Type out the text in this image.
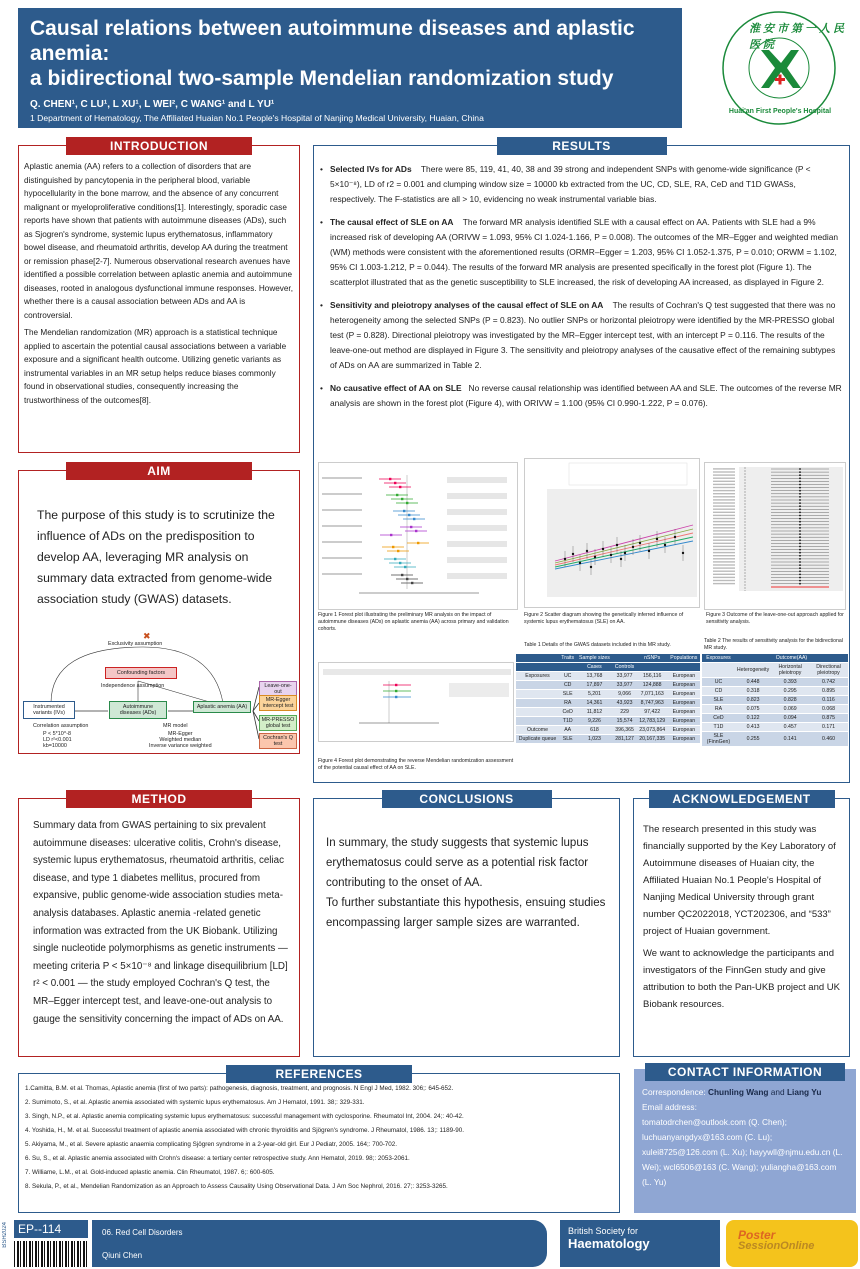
Causal relations between autoimmune diseases and aplastic anemia:
a bidirectional two-sample Mendelian randomization study
Q. CHEN¹, C LU¹, L XU¹, L WEI², C WANG¹ and L YU¹
1 Department of Hematology, The Affiliated Huaian No.1 People's Hospital of Nanjing Medical University, Huaian, China
2 Department of Pathology, The Affiliated Huaian No.1 People's Hospital of Nanjing Medical University, Huaian, China
淮安市第一人民医院
Huai'an First People's Hospital
INTRODUCTION

Aplastic anemia (AA) refers to a collection of disorders that are distinguished by pancytopenia in the peripheral blood, variable hypocellularity in the bone marrow, and the absence of any concurrent malignant or myeloproliferative conditions[1]. Interestingly, sporadic case reports have shown that patients with autoimmune diseases (ADs), such as Sjogren's syndrome, systemic lupus erythematosus, inflammatory bowel disease, and rheumatoid arthritis, develop AA during the treatment or remission phase[2-7]. Numerous observational research avenues have identified a possible correlation between aplastic anemia and autoimmune diseases, rooted in analogous dysfunctional immune responses. However, whether there is a causal association between ADs and AA is controversial.

The Mendelian randomization (MR) approach is a statistical technique applied to ascertain the potential causal associations between a variable exposure and a significant health outcome. Utilizing genetic variants as instrumental variables in an MR setup helps reduce biases commonly found in observational studies, consequently increasing the trustworthiness of the outcomes[8].

AIM

The purpose of this study is to scrutinize the influence of ADs on the predisposition to develop AA, leveraging MR analysis on summary data extracted from genome-wide association study (GWAS) datasets.

✖
Exclusivity assumption
Confounding factors
Independence assumption
Instrumented variants (IVs)
Autoimmune diseases (ADs)
Aplastic anemia (AA)
Leave-one-out
MR-Egger intercept test
MR-PRESSO global test
Cochran's Q test
Correlation assumption
P < 5*10^-8
LD r²<0.001
kb=10000
MR model
MR-Egger
Weighted median
Inverse variance weighted
METHOD

Summary data from GWAS pertaining to six prevalent autoimmune diseases: ulcerative colitis, Crohn's disease, systemic lupus erythematosus, rheumatoid arthritis, celiac disease, and type 1 diabetes mellitus, procured from expansive, public genome-wide association studies meta-analysis databases. Aplastic anemia -related genetic information was extracted from the UK Biobank. Utilizing single nucleotide polymorphisms as genetic instruments — meeting criteria P < 5×10⁻⁸ and linkage disequilibrium [LD] r² < 0.001 — the study employed Cochran's Q test, the MR–Egger intercept test, and leave-one-out analysis to gauge the sensitivity concerning the impact of ADs on AA.

RESULTS
• Selected IVs for ADs There were 85, 119, 41, 40, 38 and 39 strong and independent SNPs with genome-wide significance (P < 5×10⁻⁸), LD of r2 = 0.001 and clumping window size = 10000 kb extracted from the UC, CD, SLE, RA, CeD and T1D GWASs, respectively. The F-statistics are all > 10, evidencing no weak instrumental variable bias.
• The causal effect of SLE on AA The forward MR analysis identified SLE with a causal effect on AA. Patients with SLE had a 9% increased risk of developing AA (ORIVW = 1.093, 95% CI 1.024-1.166, P = 0.008). The outcomes of the MR–Egger and weighted median (WM) methods were consistent with the aforementioned results (ORMR–Egger = 1.203, 95% CI 1.052-1.375, P = 0.010; ORWM = 1.102, 95% CI 1.003-1.212, P = 0.044). The results of the forward MR analysis are presented specifically in the forest plot (Figure 1). The scatterplot illustrated that as the genetic susceptibility to SLE increased, the risk of developing AA increased, as displayed in Figure 2.
• Sensitivity and pleiotropy analyses of the causal effect of SLE on AA The results of Cochran's Q test suggested that there was no heterogeneity among the selected SNPs (P = 0.823). No outlier SNPs or horizontal pleiotropy were identified by the MR-PRESSO global test (P = 0.828). Directional pleiotropy was investigated by the MR–Egger intercept test, with an intercept P = 0.116. The results of the leave-one-out method are displayed in Figure 3. The sensitivity and pleiotropy analyses of the causative effect of the remaining subtypes of ADs on AA are summarized in Table 2.
• No causative effect of AA on SLE No reverse causal relationship was identified between AA and SLE. The outcomes of the reverse MR analysis are shown in the forest plot (Figure 4), with ORIVW = 1.100 (95% CI 0.990-1.222, P = 0.076).
Figure 1 Forest plot illustrating the preliminary MR analysis on the impact of autoimmune diseases (ADs) on aplastic anemia (AA) across primary and validation cohorts.
Figure 2 Scatter diagram showing the genetically inferred influence of systemic lupus erythematosus (SLE) on AA.
Figure 3 Outcome of the leave-one-out approach applied for sensitivity analysis.
Table 1 Details of the GWAS datasets included in this MR study.
	Traits	Sample sizes		nSNPs	Populations
		Cases	Controls		
Exposures	UC	13,768	33,977	156,116	European
	CD	17,897	33,977	124,888	European
	SLE	5,201	9,066	7,071,163	European
	RA	14,361	43,923	8,747,963	European
	CeD	11,812	229	97,422	European
	T1D	9,226	15,574	12,783,129	European
Outcome	AA	618	396,365	23,073,864	European
Duplicate queue	SLE	1,023	281,127	20,167,335	European
Table 2 The results of sensitivity analysis for the bidirectional MR study.
Exposures	Outcome(AA)		
	Heterogeneity	Horizontal pleiotropy	Directional pleiotropy
UC	0.448	0.393	0.742
CD	0.318	0.295	0.895
SLE	0.823	0.828	0.116
RA	0.075	0.069	0.068
CeD	0.122	0.094	0.875
T1D	0.413	0.457	0.171
SLE (FinnGen)	0.255	0.141	0.460
Figure 4 Forest plot demonstrating the reverse Mendelian randomization assessment of the potential causal effect of AA on SLE.
CONCLUSIONS

In summary, the study suggests that systemic lupus erythematosus could serve as a potential risk factor contributing to the onset of AA.

To further substantiate this hypothesis, ensuing studies encompassing larger sample sizes are warranted.

ACKNOWLEDGEMENT

The research presented in this study was financially supported by the Key Laboratory of Autoimmune diseases of Huaian city, the Affiliated Huaian No.1 People's Hospital of Nanjing Medical University through grant number QC2022018, YCT202306, and “533” project of Huaian government.

We want to acknowledge the participants and investigators of the FinnGen study and give attribution to both the Pan-UKB project and UK Biobank resources.

REFERENCES
1.Camitta, B.M. et al. Thomas, Aplastic anemia (first of two parts): pathogenesis, diagnosis, treatment, and prognosis. N Engl J Med, 1982. 306;: 645-652.
2. Sumimoto, S., et al. Aplastic anemia associated with systemic lupus erythematosus. Am J Hematol, 1991. 38;: 329-331.
3. Singh, N.P., et al. Aplastic anemia complicating systemic lupus erythematosus: successful management with cyclosporine. Rheumatol Int, 2004. 24;: 40-42.
4. Yoshida, H., M. et al. Successful treatment of aplastic anemia associated with chronic thyroiditis and Sjögren's syndrome. J Rheumatol, 1986. 13;: 1189-90.
5. Akiyama, M., et al. Severe aplastic anaemia complicating Sjögren syndrome in a 2-year-old girl. Eur J Pediatr, 2005. 164;: 700-702.
6. Su, S., et al. Aplastic anemia associated with Crohn's disease: a tertiary center retrospective study. Ann Hematol, 2019. 98;: 2053-2061.
7. Williame, L.M., et al. Gold-induced aplastic anemia. Clin Rheumatol, 1987. 6;: 600-605.
8. Sekula, P., et al., Mendelian Randomization as an Approach to Assess Causality Using Observational Data. J Am Soc Nephrol, 2016. 27;: 3253-3265.
CONTACT INFORMATION
Correspondence: Chunling Wang and Liang Yu
Email address:
tomatodrchen@outlook.com (Q. Chen); luchuanyangdyx@163.com (C. Lu); xulei8725@126.com (L. Xu); hayywll@njmu.edu.cn (L. Wei); wcl6506@163 (C. Wang); yuliangha@163.com (L. Yu)
BSH2024 EP--114	06. Red Cell Disorders
Qiuni Chen
British Society for
Haematology
Poster
SessionOnline
